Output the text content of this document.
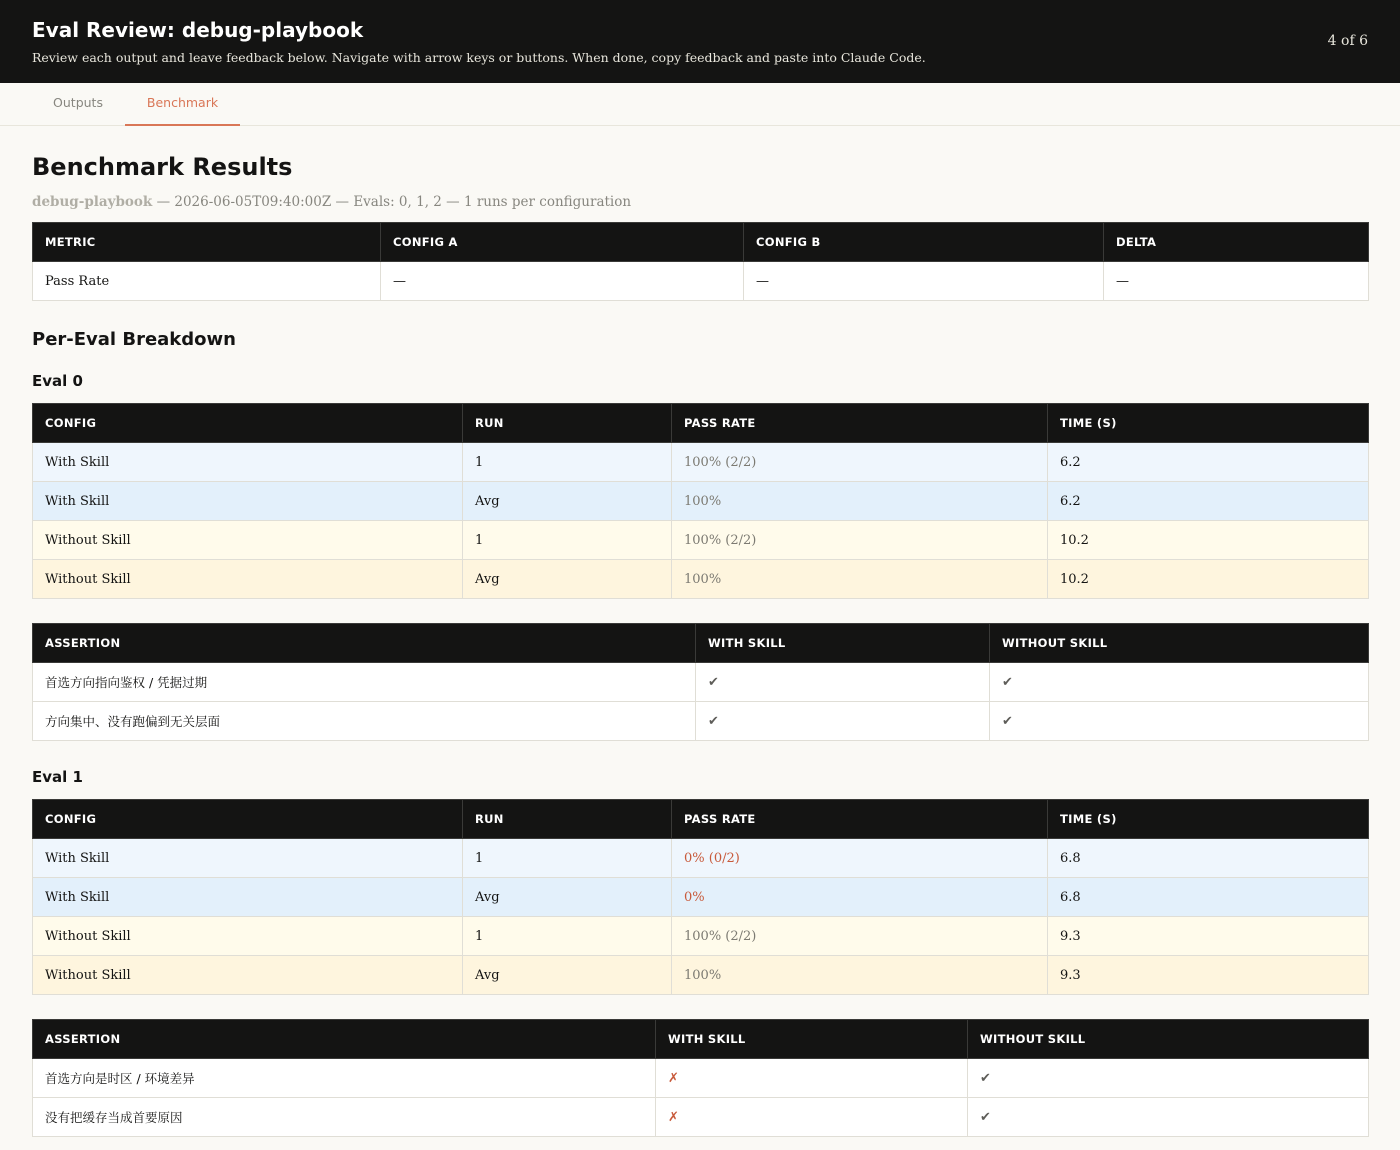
Eval Review: debug-playbook
Review each output and leave feedback below. Navigate with arrow keys or buttons. When done, copy feedback and paste into Claude Code.
4 of 6
Outputs	Benchmark
Benchmark Results
debug-playbook — 2026-06-05T09:40:00Z — Evals: 0, 1, 2 — 1 runs per configuration
METRIC	CONFIG A	CONFIG B	DELTA
Pass Rate	—	—	—
Per-Eval Breakdown
Eval 0
CONFIG	RUN	PASS RATE	TIME (S)
With Skill	1	100% (2/2)	6.2
With Skill	Avg	100%	6.2
Without Skill	1	100% (2/2)	10.2
Without Skill	Avg	100%	10.2
ASSERTION	WITH SKILL	WITHOUT SKILL
首选方向指向鉴权 / 凭据过期	✔	✔
方向集中、没有跑偏到无关层面	✔	✔
Eval 1
CONFIG	RUN	PASS RATE	TIME (S)
With Skill	1	0% (0/2)	6.8
With Skill	Avg	0%	6.8
Without Skill	1	100% (2/2)	9.3
Without Skill	Avg	100%	9.3
ASSERTION	WITH SKILL	WITHOUT SKILL
首选方向是时区 / 环境差异	✗	✔
没有把缓存当成首要原因	✗	✔
